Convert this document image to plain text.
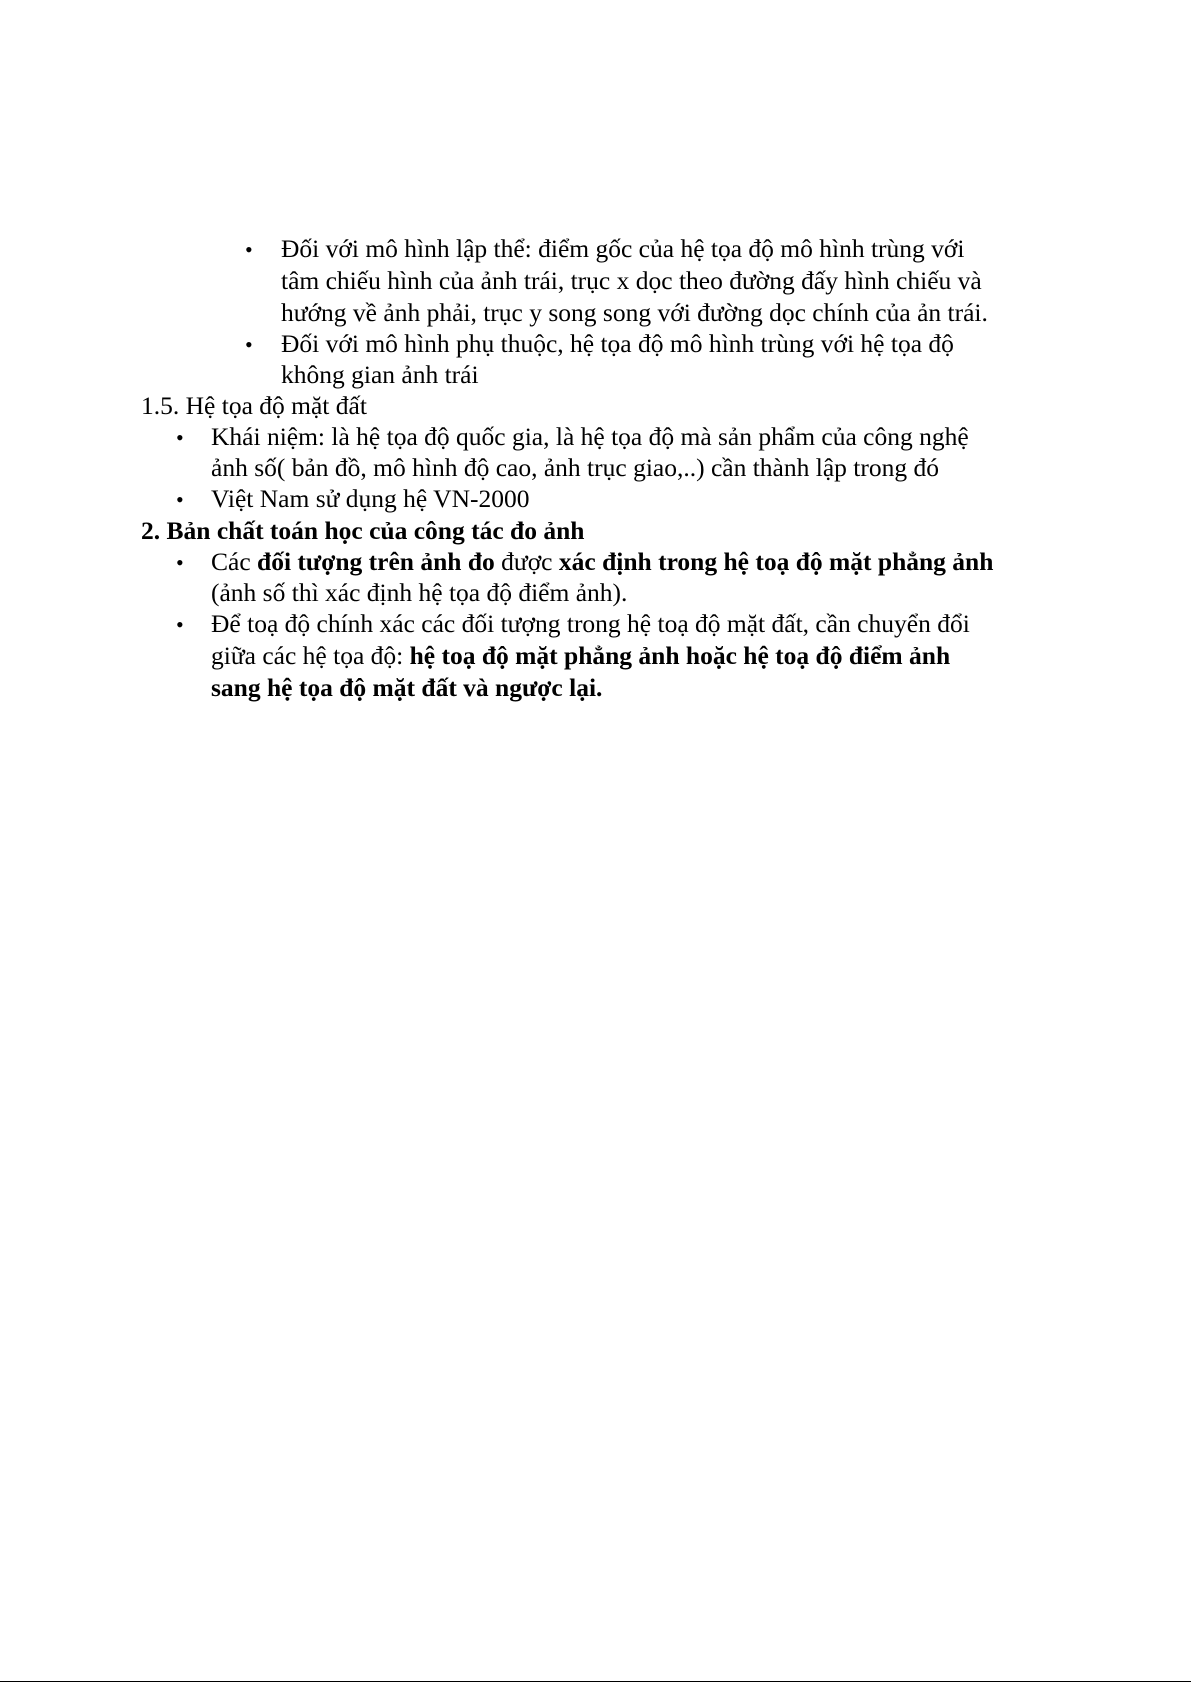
• Đối với mô hình lập thể: điểm gốc của hệ tọa độ mô hình trùng với
tâm chiếu hình của ảnh trái, trục x dọc theo đường đấy hình chiếu và
hướng về ảnh phải, trục y song song với đường dọc chính của ản trái.
• Đối với mô hình phụ thuộc, hệ tọa độ mô hình trùng với hệ tọa độ
không gian ảnh trái
1.5. Hệ tọa độ mặt đất
• Khái niệm: là hệ tọa độ quốc gia, là hệ tọa độ mà sản phẩm của công nghệ
ảnh số( bản đồ, mô hình độ cao, ảnh trục giao,..) cần thành lập trong đó
• Việt Nam sử dụng hệ VN-2000
2. Bản chất toán học của công tác đo ảnh
• Các đối tượng trên ảnh đo được xác định trong hệ toạ độ mặt phẳng ảnh
(ảnh số thì xác định hệ tọa độ điểm ảnh).
• Để toạ độ chính xác các đối tượng trong hệ toạ độ mặt đất, cần chuyển đổi
giữa các hệ tọa độ: hệ toạ độ mặt phẳng ảnh hoặc hệ toạ độ điểm ảnh
sang hệ tọa độ mặt đất và ngược lại.
